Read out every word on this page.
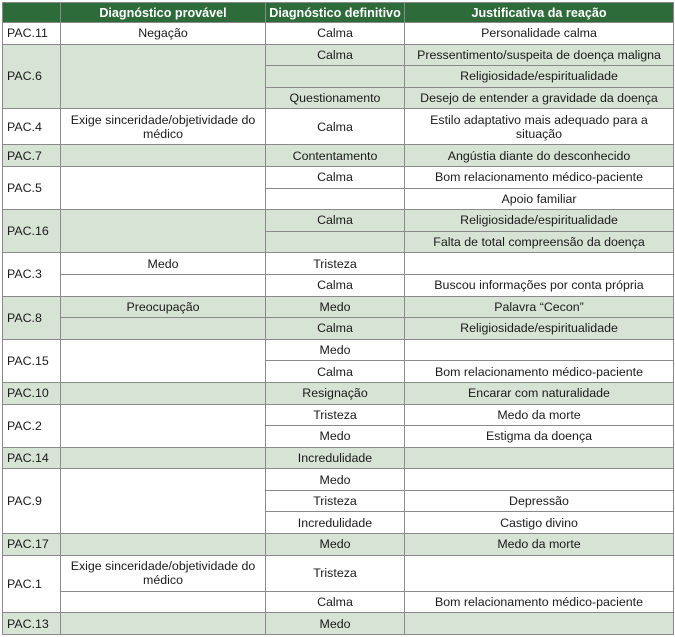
	Diagnóstico provável	Diagnóstico definitivo	Justificativa da reação
PAC.11	Negação	Calma	Personalidade calma
PAC.6		Calma	Pressentimento/suspeita de doença maligna
			Religiosidade/espiritualidade
		Questionamento	Desejo de entender a gravidade da doença
PAC.4	Exige sinceridade/objetividade do médico	Calma	Estilo adaptativo mais adequado para a situação
PAC.7		Contentamento	Angústia diante do desconhecido
PAC.5		Calma	Bom relacionamento médico-paciente
			Apoio familiar
PAC.16		Calma	Religiosidade/espiritualidade
			Falta de total compreensão da doença
PAC.3	Medo	Tristeza	
		Calma	Buscou informações por conta própria
PAC.8	Preocupação	Medo	Palavra “Cecon”
		Calma	Religiosidade/espiritualidade
PAC.15		Medo	
		Calma	Bom relacionamento médico-paciente
PAC.10		Resignação	Encarar com naturalidade
PAC.2		Tristeza	Medo da morte
		Medo	Estigma da doença
PAC.14		Incredulidade	
PAC.9		Medo	
		Tristeza	Depressão
		Incredulidade	Castigo divino
PAC.17		Medo	Medo da morte
PAC.1	Exige sinceridade/objetividade do médico	Tristeza	
		Calma	Bom relacionamento médico-paciente
PAC.13		Medo	
